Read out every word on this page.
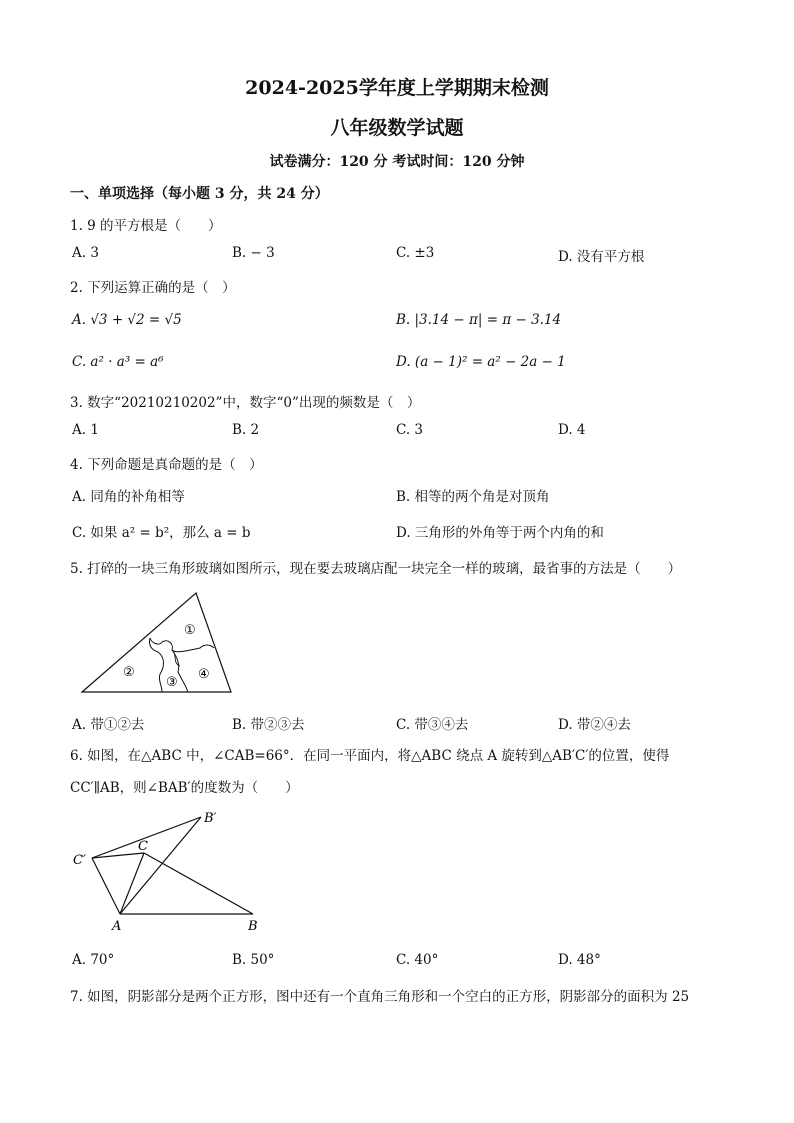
2024-2025学年度上学期期末检测
八年级数学试题
试卷满分：120 分 考试时间：120 分钟
一、单项选择（每小题 3 分，共 24 分）
1. 9 的平方根是（　　）
A. 3	B. − 3	C. ±3	D. 没有平方根
2. 下列运算正确的是（　）
A. √3 + √2 = √5	B. |3.14 − π| = π − 3.14
C. a² · a³ = a⁶	D. (a − 1)² = a² − 2a − 1
3. 数字“20210210202”中，数字“0”出现的频数是（　）
A. 1	B. 2	C. 3	D. 4
4. 下列命题是真命题的是（　）
A. 同角的补角相等	B. 相等的两个角是对顶角
C. 如果 a² = b²，那么 a = b	D. 三角形的外角等于两个内角的和
5. 打碎的一块三角形玻璃如图所示，现在要去玻璃店配一块完全一样的玻璃，最省事的方法是（　　）
①
②
③
④
A. 带①②去	B. 带②③去	C. 带③④去	D. 带②④去
6. 如图，在△ABC 中，∠CAB=66°．在同一平面内，将△ABC 绕点 A 旋转到△AB′C′的位置，使得
CC′∥AB，则∠BAB′的度数为（　　）
B′
C
C′
A	B
A. 70°	B. 50°	C. 40°	D. 48°
7. 如图，阴影部分是两个正方形，图中还有一个直角三角形和一个空白的正方形，阴影部分的面积为 25
